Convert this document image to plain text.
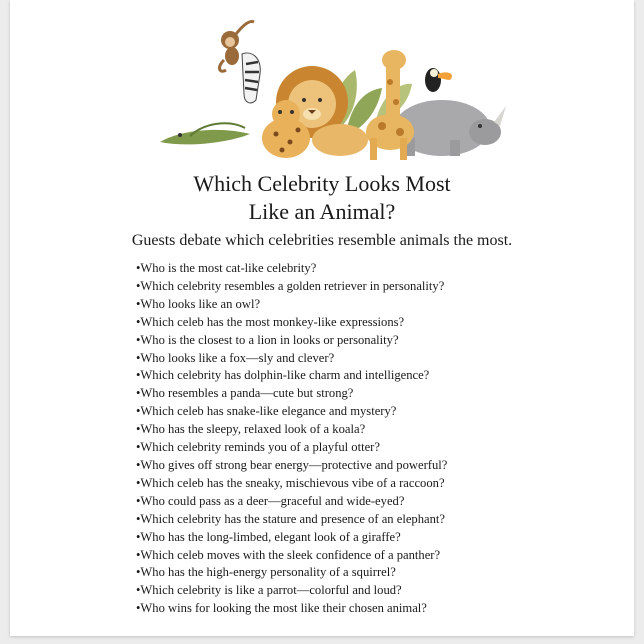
Which Celebrity Looks Most
Like an Animal?
Guests debate which celebrities resemble animals the most.
• Who is the most cat-like celebrity?
• Which celebrity resembles a golden retriever in personality?
• Who looks like an owl?
• Which celeb has the most monkey-like expressions?
• Who is the closest to a lion in looks or personality?
• Who looks like a fox—sly and clever?
• Which celebrity has dolphin-like charm and intelligence?
• Who resembles a panda—cute but strong?
• Which celeb has snake-like elegance and mystery?
• Who has the sleepy, relaxed look of a koala?
• Which celebrity reminds you of a playful otter?
• Who gives off strong bear energy—protective and powerful?
• Which celeb has the sneaky, mischievous vibe of a raccoon?
• Who could pass as a deer—graceful and wide-eyed?
• Which celebrity has the stature and presence of an elephant?
• Who has the long-limbed, elegant look of a giraffe?
• Which celeb moves with the sleek confidence of a panther?
• Who has the high-energy personality of a squirrel?
• Which celebrity is like a parrot—colorful and loud?
• Who wins for looking the most like their chosen animal?
